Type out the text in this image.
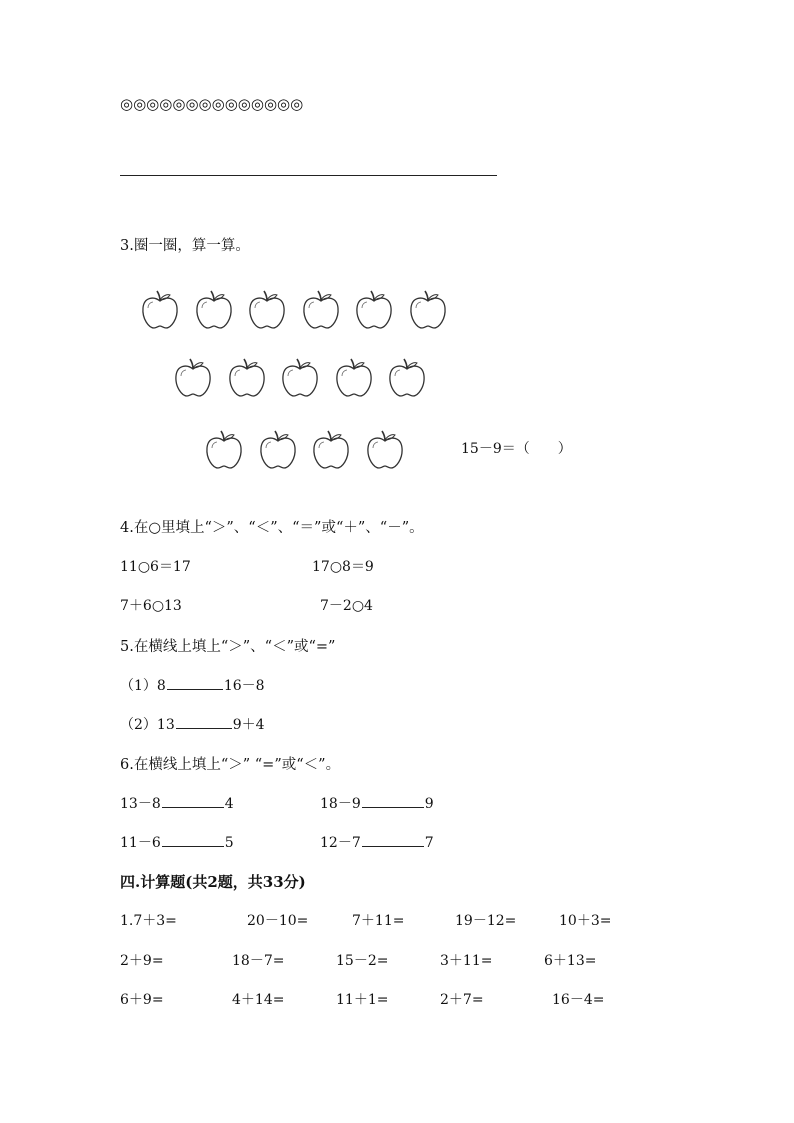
◎◎◎◎◎◎◎◎◎◎◎◎◎◎
3.圈一圈，算一算。
15－9＝（　　）
4.在○里填上“＞”、“＜”、“＝”或“＋”、“－”。
11○6＝17	17○8＝9
7＋6○13	7－2○4
5.在横线上填上“＞”、“＜”或“=”
（1）8	16－8
（2）13	9＋4
6.在横线上填上“＞” “=”或“＜”。
13－8	4	18－9	9
11－6	5	12－7	7
四.计算题(共2题，共33分)
1.7＋3=	20－10=	7＋11=	19－12=	10＋3=
2＋9=	18－7=	15－2=	3＋11=	6＋13=
6＋9=	4＋14=	11＋1=	2＋7=	16－4=
